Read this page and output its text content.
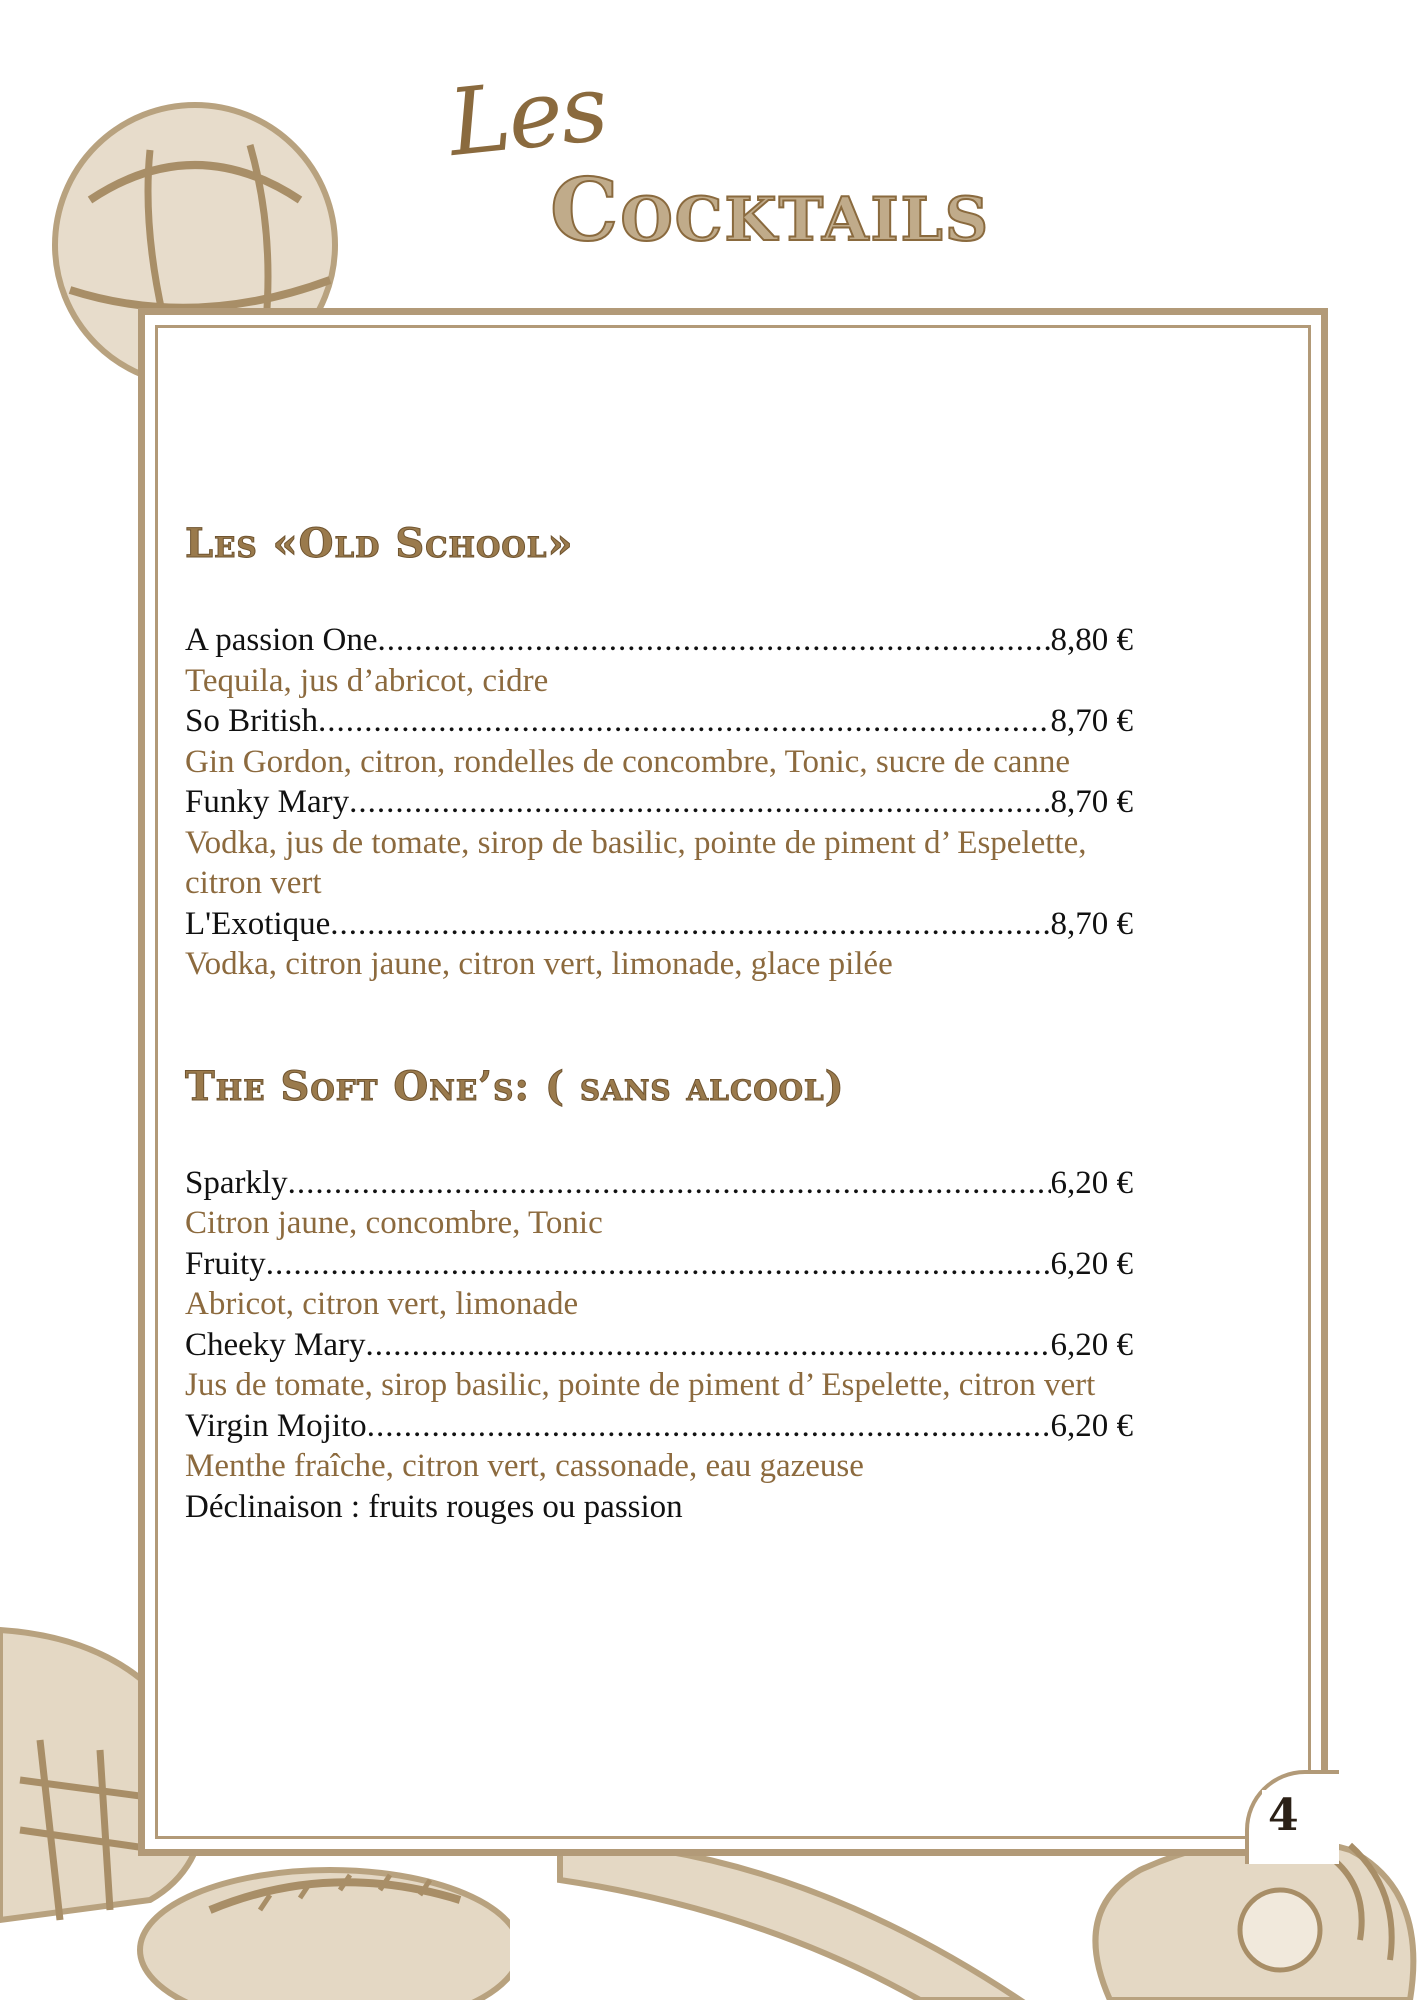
Les
Cocktails
4
Les «Old School»
A passion One .....	8,80 €
Tequila, jus d’abricot, cidre
So British .....	8,70 €
Gin Gordon, citron, rondelles de concombre, Tonic, sucre de canne
Funky Mary .....	8,70 €
Vodka, jus de tomate, sirop de basilic, pointe de piment d’ Espelette, citron vert
L'Exotique .....	8,70 €
Vodka, citron jaune, citron vert, limonade, glace pilée
The Soft One’s: ( sans alcool)
Sparkly .....	6,20 €
Citron jaune, concombre, Tonic
Fruity .....	6,20 €
Abricot, citron vert, limonade
Cheeky Mary .....	6,20 €
Jus de tomate, sirop basilic, pointe de piment d’ Espelette, citron vert
Virgin Mojito .....	6,20 €
Menthe fraîche, citron vert, cassonade, eau gazeuse
Déclinaison : fruits rouges ou passion
